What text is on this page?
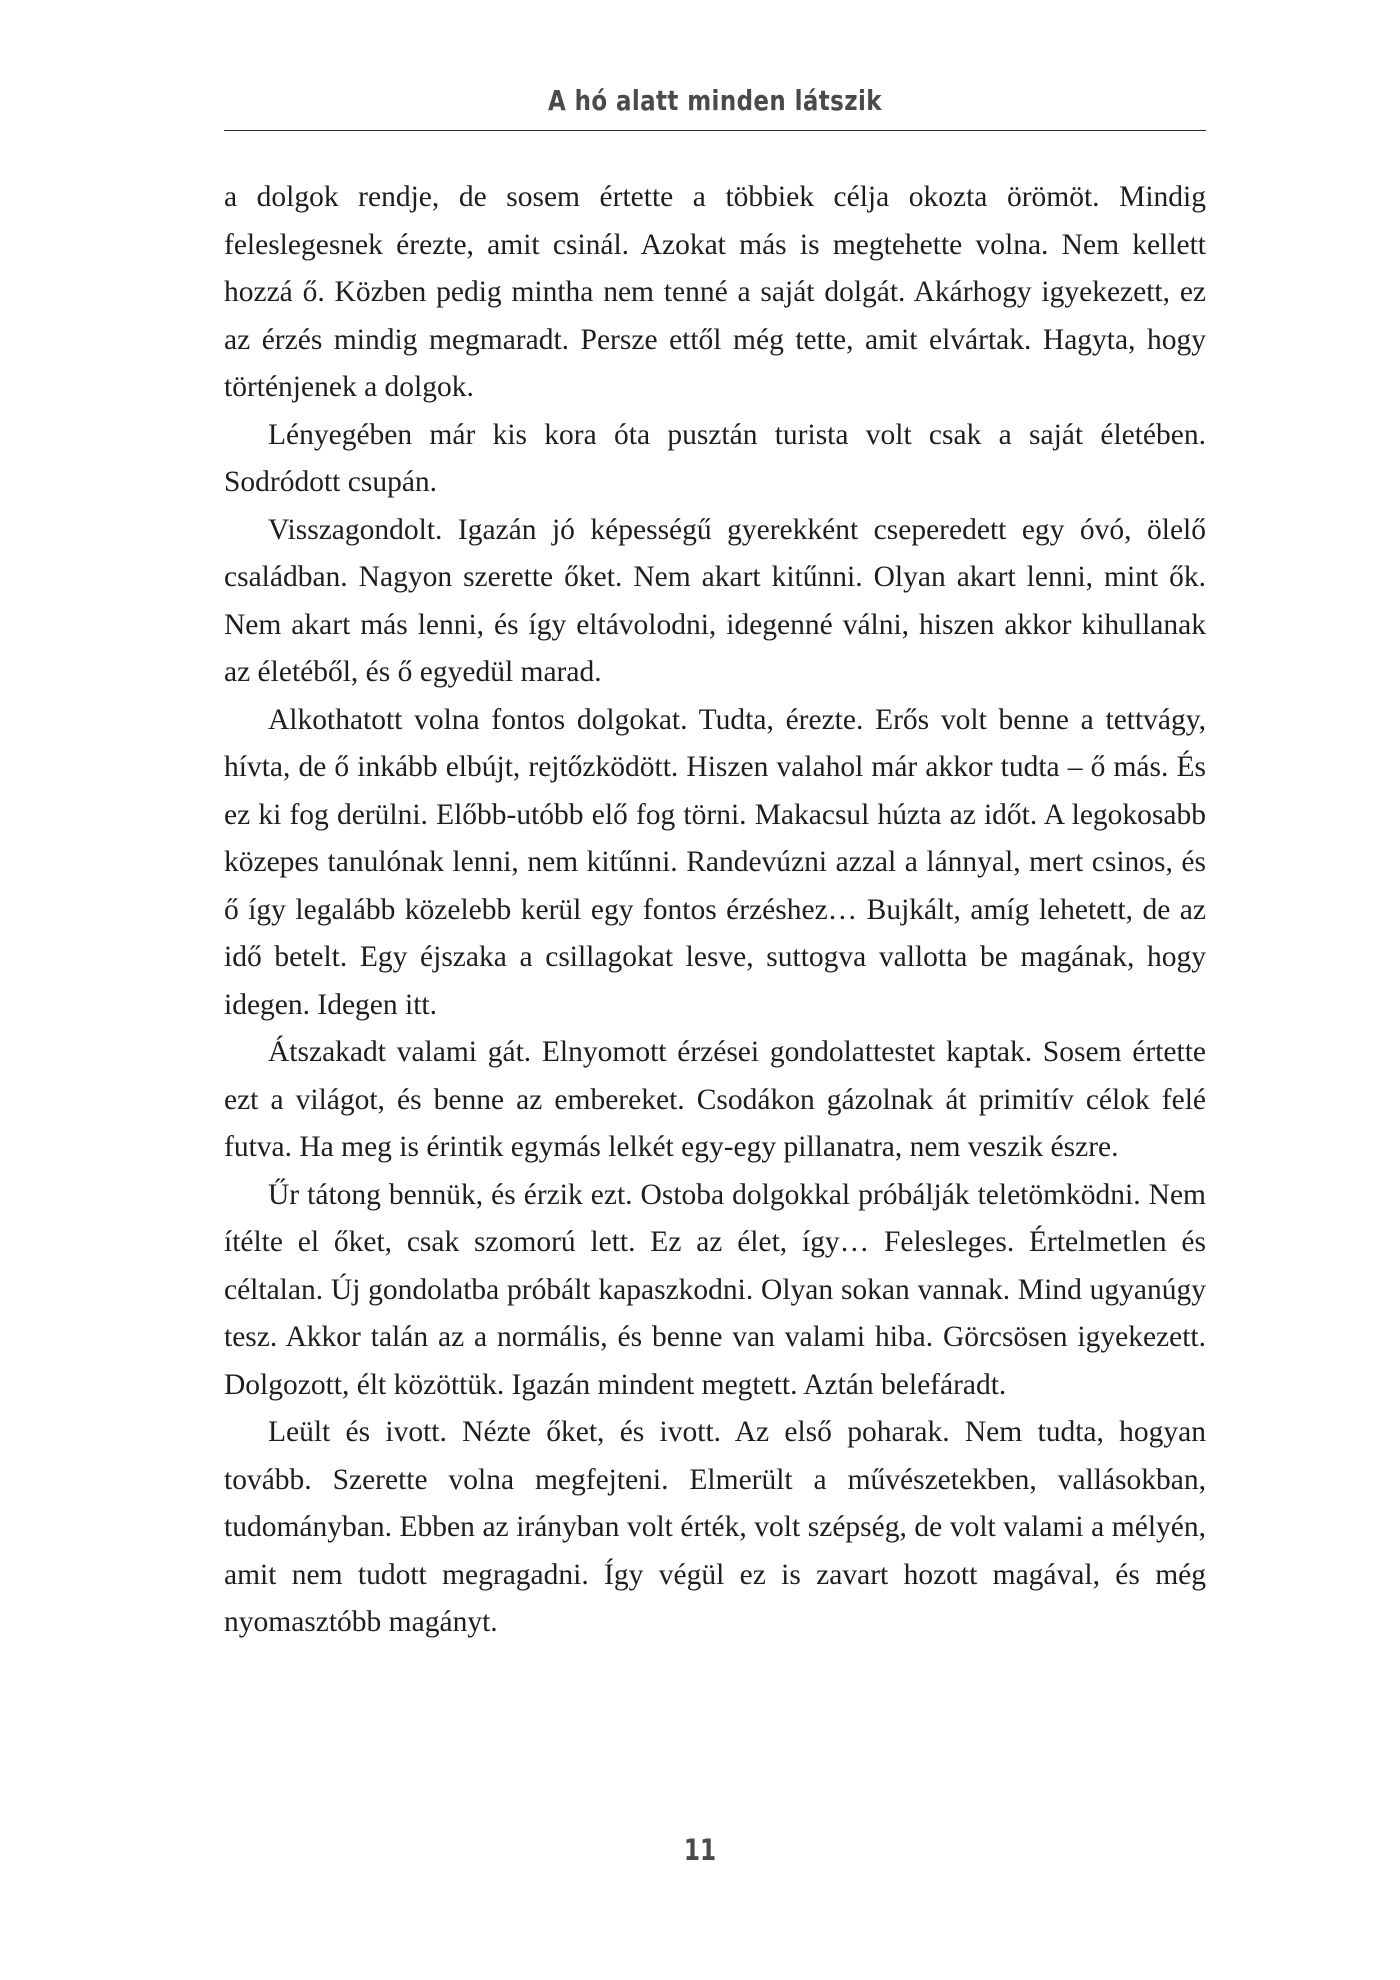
A hó alatt minden látszik

a dolgok rendje, de sosem értette a többiek célja okozta örömöt. Mindig feleslegesnek érezte, amit csinál. Azokat más is megtehette volna. Nem kellett hozzá ő. Közben pedig mintha nem tenné a saját dolgát. Akárhogy igyekezett, ez az érzés mindig megmaradt. Persze ettől még tette, amit elvártak. Hagyta, hogy történjenek a dolgok.

Lényegében már kis kora óta pusztán turista volt csak a saját életében. Sodródott csupán.

Visszagondolt. Igazán jó képességű gyerekként cseperedett egy óvó, ölelő családban. Nagyon szerette őket. Nem akart kitűnni. Olyan akart lenni, mint ők. Nem akart más lenni, és így eltávolodni, idegenné válni, hiszen akkor kihullanak az életéből, és ő egyedül marad.

Alkothatott volna fontos dolgokat. Tudta, érezte. Erős volt benne a tettvágy, hívta, de ő inkább elbújt, rejtőzködött. Hiszen valahol már akkor tudta – ő más. És ez ki fog derülni. Előbb-utóbb elő fog törni. Makacsul húzta az időt. A legokosabb közepes tanulónak lenni, nem kitűnni. Randevúzni azzal a lánnyal, mert csinos, és ő így legalább közelebb kerül egy fontos érzéshez… Bujkált, amíg lehetett, de az idő betelt. Egy éjszaka a csillagokat lesve, suttogva vallotta be magának, hogy idegen. Idegen itt.

Átszakadt valami gát. Elnyomott érzései gondolattestet kaptak. Sosem értette ezt a világot, és benne az embereket. Csodákon gázolnak át primitív célok felé futva. Ha meg is érintik egymás lelkét egy-egy pillanatra, nem veszik észre.

Űr tátong bennük, és érzik ezt. Ostoba dolgokkal próbálják teletömködni. Nem ítélte el őket, csak szomorú lett. Ez az élet, így… Felesleges. Értelmetlen és céltalan. Új gondolatba próbált kapaszkodni. Olyan sokan vannak. Mind ugyanúgy tesz. Akkor talán az a normális, és benne van valami hiba. Görcsösen igyekezett. Dolgozott, élt közöttük. Igazán mindent megtett. Aztán belefáradt.

Leült és ivott. Nézte őket, és ivott. Az első poharak. Nem tudta, hogyan tovább. Szerette volna megfejteni. Elmerült a művészetekben, vallásokban, tudományban. Ebben az irányban volt érték, volt szépség, de volt valami a mélyén, amit nem tudott megragadni. Így végül ez is zavart hozott magával, és még nyomasztóbb magányt.

11
